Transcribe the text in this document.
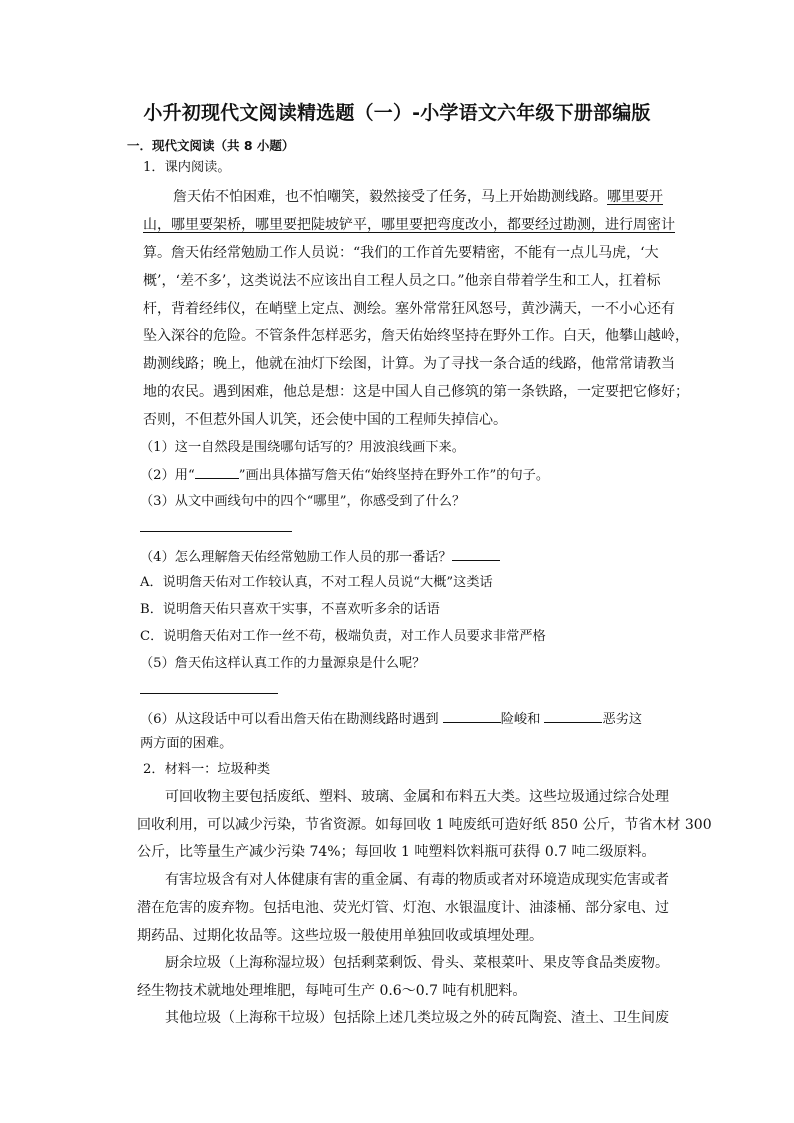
小升初现代文阅读精选题（一）-小学语文六年级下册部编版
一．现代文阅读（共 8 小题）
1．课内阅读。
詹天佑不怕困难，也不怕嘲笑，毅然接受了任务，马上开始勘测线路。哪里要开
山，哪里要架桥，哪里要把陡坡铲平，哪里要把弯度改小，都要经过勘测，进行周密计
算。詹天佑经常勉励工作人员说：“我们的工作首先要精密，不能有一点儿马虎，‘大
概’，‘差不多’，这类说法不应该出自工程人员之口。”他亲自带着学生和工人，扛着标
杆，背着经纬仪，在峭壁上定点、测绘。塞外常常狂风怒号，黄沙满天，一不小心还有
坠入深谷的危险。不管条件怎样恶劣，詹天佑始终坚持在野外工作。白天，他攀山越岭，
勘测线路；晚上，他就在油灯下绘图，计算。为了寻找一条合适的线路，他常常请教当
地的农民。遇到困难，他总是想：这是中国人自己修筑的第一条铁路，一定要把它修好；
否则，不但惹外国人讥笑，还会使中国的工程师失掉信心。
（1）这一自然段是围绕哪句话写的？用波浪线画下来。
（2）用“	”画出具体描写詹天佑“始终坚持在野外工作”的句子。
（3）从文中画线句中的四个“哪里”，你感受到了什么？
（4）怎么理解詹天佑经常勉励工作人员的那一番话？
A．说明詹天佑对工作较认真，不对工程人员说“大概”这类话
B．说明詹天佑只喜欢干实事，不喜欢听多余的话语
C．说明詹天佑对工作一丝不苟，极端负责，对工作人员要求非常严格
（5）詹天佑这样认真工作的力量源泉是什么呢？
（6）从这段话中可以看出詹天佑在勘测线路时遇到	险峻和	恶劣这
两方面的困难。
2．材料一：垃圾种类
可回收物主要包括废纸、塑料、玻璃、金属和布料五大类。这些垃圾通过综合处理
回收利用，可以减少污染，节省资源。如每回收 1 吨废纸可造好纸 850 公斤，节省木材 300
公斤，比等量生产减少污染 74%；每回收 1 吨塑料饮料瓶可获得 0.7 吨二级原料。
有害垃圾含有对人体健康有害的重金属、有毒的物质或者对环境造成现实危害或者
潜在危害的废弃物。包括电池、荧光灯管、灯泡、水银温度计、油漆桶、部分家电、过
期药品、过期化妆品等。这些垃圾一般使用单独回收或填埋处理。
厨余垃圾（上海称湿垃圾）包括剩菜剩饭、骨头、菜根菜叶、果皮等食品类废物。
经生物技术就地处理堆肥，每吨可生产 0.6～0.7 吨有机肥料。
其他垃圾（上海称干垃圾）包括除上述几类垃圾之外的砖瓦陶瓷、渣土、卫生间废
